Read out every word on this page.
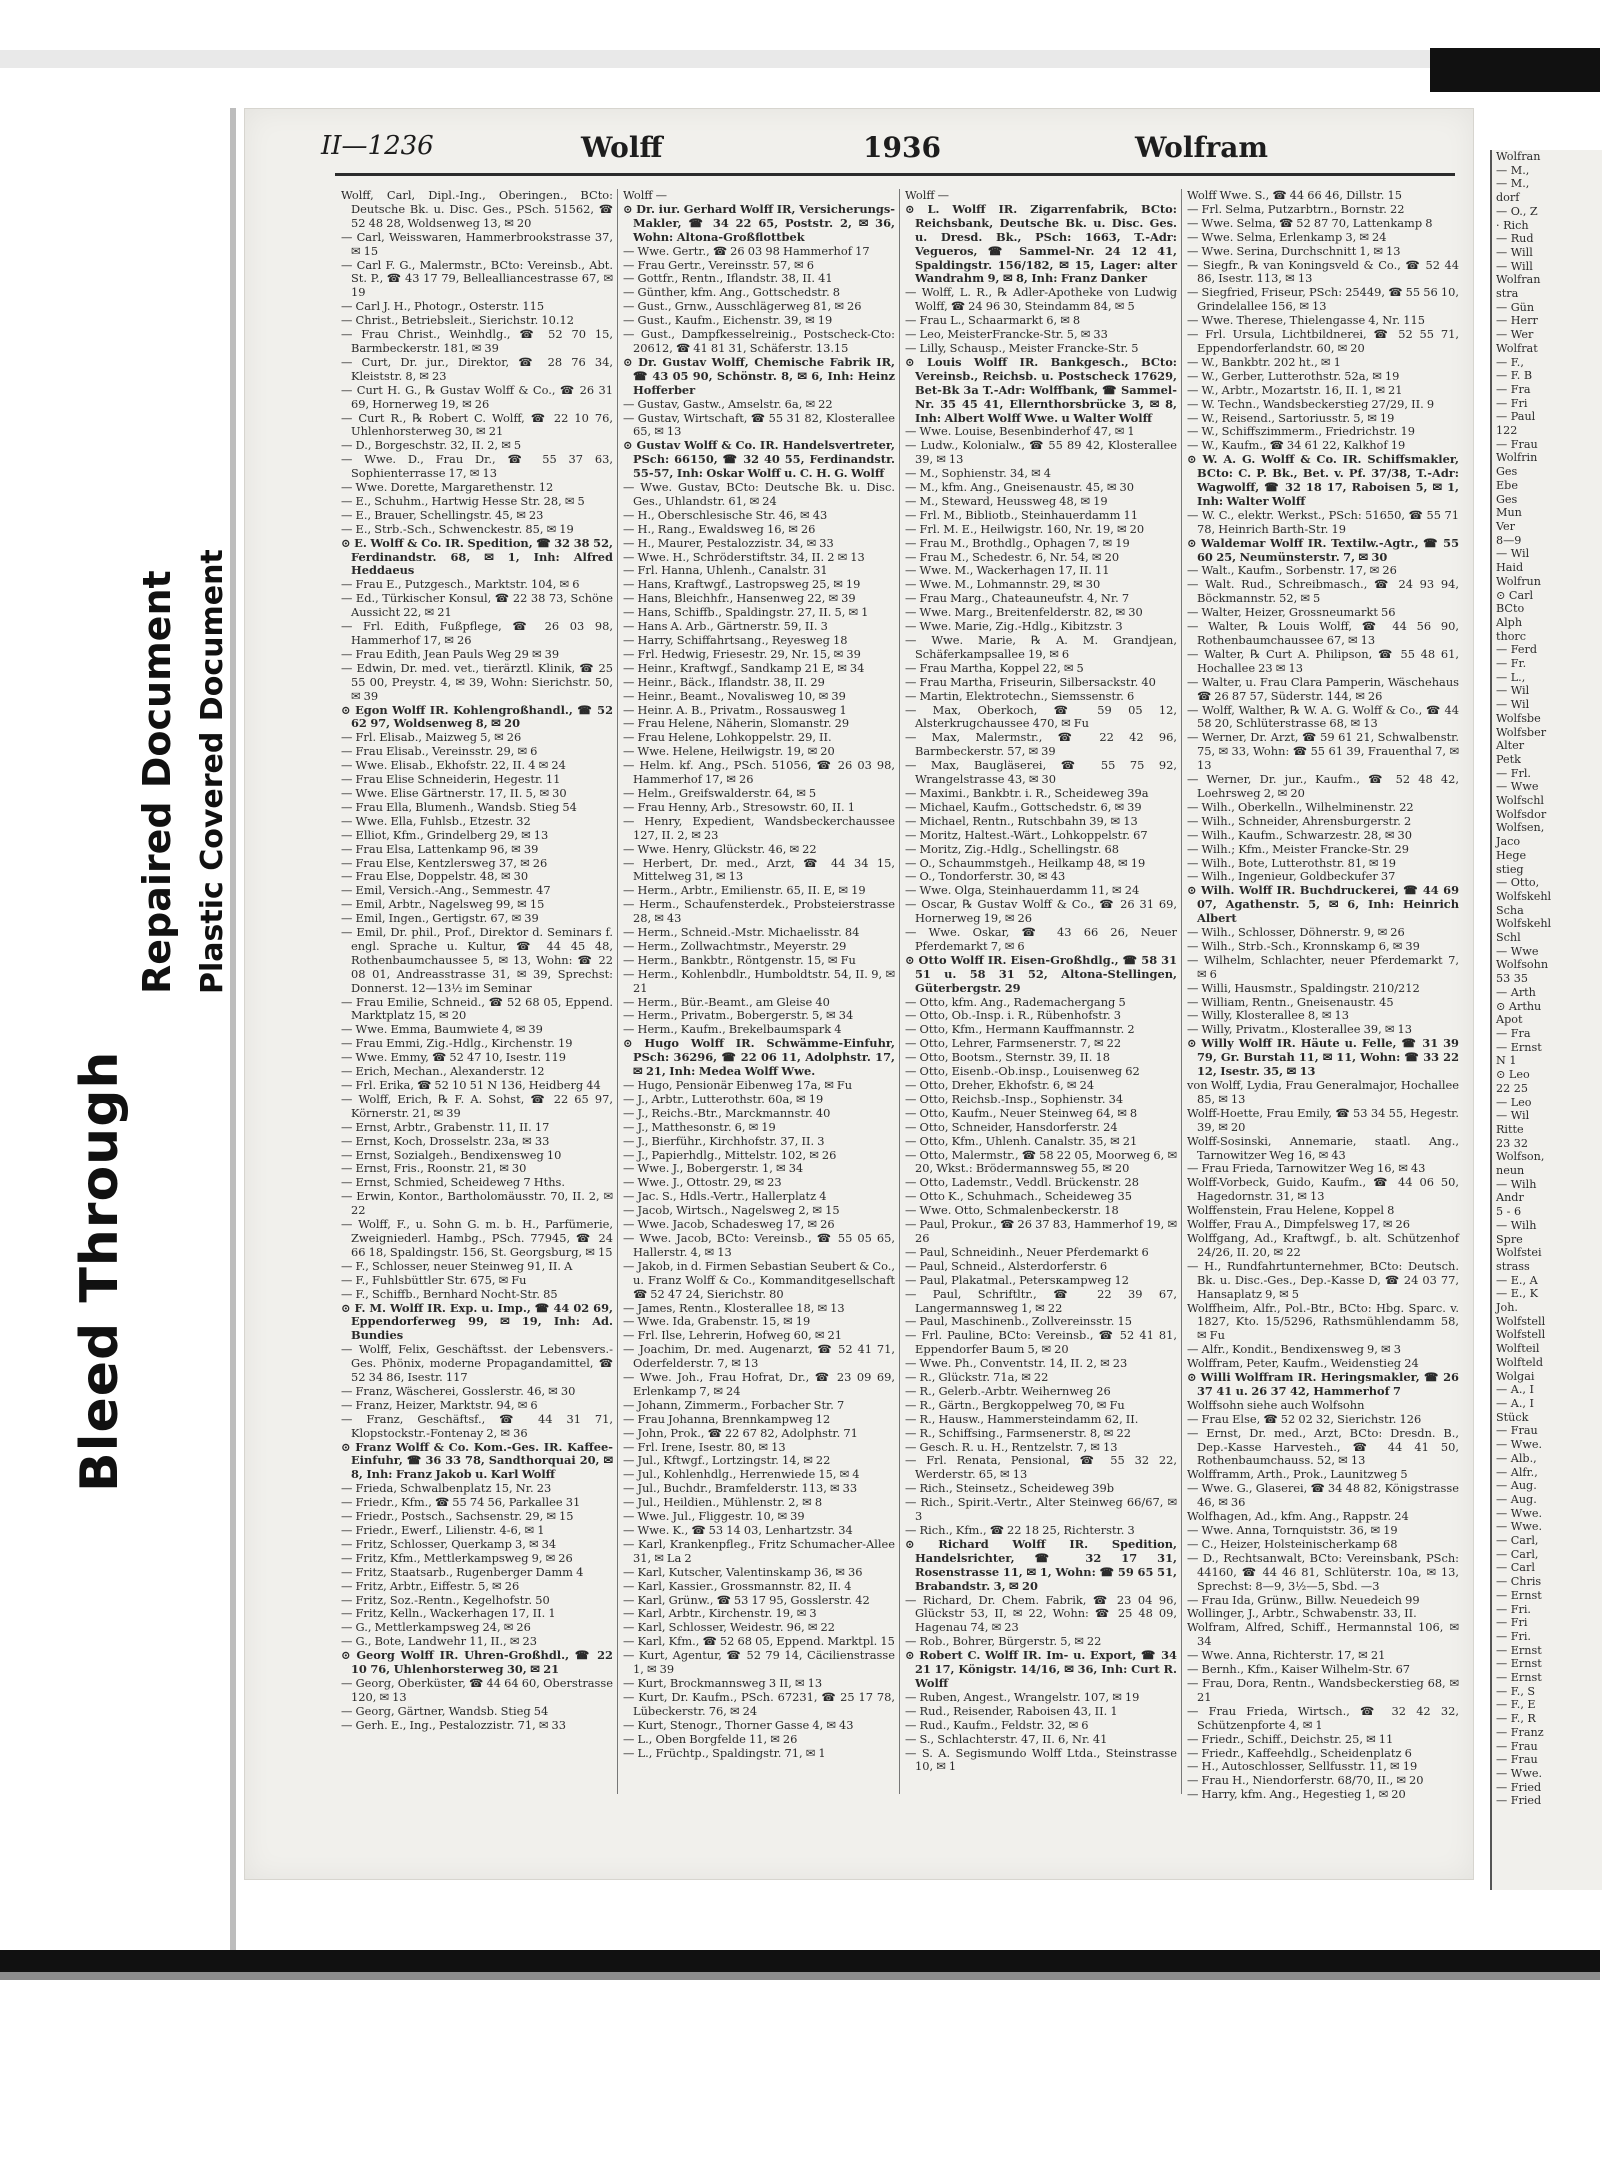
Bleed Through
Repaired Document Plastic Covered Document
II—1236	Wolff	1936	Wolfram

Wolff, Carl, Dipl.-Ing., Oberingen., BCto: Deutsche Bk. u. Disc. Ges., PSch. 51562, ☎ 52 48 28, Woldsenweg 13, ✉ 20

— Carl, Weisswaren, Hammerbrookstrasse 37, ✉ 15

— Carl F. G., Malermstr., BCto: Vereinsb., Abt. St. P., ☎ 43 17 79, Bellealliancestrasse 67, ✉ 19

— Carl J. H., Photogr., Osterstr. 115

— Christ., Betriebsleit., Sierichstr. 10.12

— Frau Christ., Weinhdlg., ☎ 52 70 15, Barmbeckerstr. 181, ✉ 39

— Curt, Dr. jur., Direktor, ☎ 28 76 34, Kleiststr. 8, ✉ 23

— Curt H. G., ℞ Gustav Wolff & Co., ☎ 26 31 69, Hornerweg 19, ✉ 26

— Curt R., ℞ Robert C. Wolff, ☎ 22 10 76, Uhlenhorsterweg 30, ✉ 21

— D., Borgeschstr. 32, II. 2, ✉ 5

— Wwe. D., Frau Dr., ☎ 55 37 63, Sophienterrasse 17, ✉ 13

— Wwe. Dorette, Margarethenstr. 12

— E., Schuhm., Hartwig Hesse Str. 28, ✉ 5

— E., Brauer, Schellingstr. 45, ✉ 23

— E., Strb.-Sch., Schwenckestr. 85, ✉ 19

⊙ E. Wolff & Co. IR. Spedition, ☎ 32 38 52, Ferdinandstr. 68, ✉ 1, Inh: Alfred Heddaeus

— Frau E., Putzgesch., Marktstr. 104, ✉ 6

— Ed., Türkischer Konsul, ☎ 22 38 73, Schöne Aussicht 22, ✉ 21

— Frl. Edith, Fußpflege, ☎ 26 03 98, Hammerhof 17, ✉ 26

— Frau Edith, Jean Pauls Weg 29 ✉ 39

— Edwin, Dr. med. vet., tierärztl. Klinik, ☎ 25 55 00, Preystr. 4, ✉ 39, Wohn: Sierichstr. 50, ✉ 39

⊙ Egon Wolff IR. Kohlengroßhandl., ☎ 52 62 97, Woldsenweg 8, ✉ 20

— Frl. Elisab., Maizweg 5, ✉ 26

— Frau Elisab., Vereinsstr. 29, ✉ 6

— Wwe. Elisab., Ekhofstr. 22, II. 4 ✉ 24

— Frau Elise Schneiderin, Hegestr. 11

— Wwe. Elise Gärtnerstr. 17, II. 5, ✉ 30

— Frau Ella, Blumenh., Wandsb. Stieg 54

— Wwe. Ella, Fuhlsb., Etzestr. 32

— Elliot, Kfm., Grindelberg 29, ✉ 13

— Frau Elsa, Lattenkamp 96, ✉ 39

— Frau Else, Kentzlersweg 37, ✉ 26

— Frau Else, Doppelstr. 48, ✉ 30

— Emil, Versich.-Ang., Semmestr. 47

— Emil, Arbtr., Nagelsweg 99, ✉ 15

— Emil, Ingen., Gertigstr. 67, ✉ 39

— Emil, Dr. phil., Prof., Direktor d. Seminars f. engl. Sprache u. Kultur, ☎ 44 45 48, Rothenbaumchaussee 5, ✉ 13, Wohn: ☎ 22 08 01, Andreasstrasse 31, ✉ 39, Sprechst: Donnerst. 12—13½ im Seminar

— Frau Emilie, Schneid., ☎ 52 68 05, Eppend. Marktplatz 15, ✉ 20

— Wwe. Emma, Baumwiete 4, ✉ 39

— Frau Emmi, Zig.-Hdlg., Kirchenstr. 19

— Wwe. Emmy, ☎ 52 47 10, Isestr. 119

— Erich, Mechan., Alexanderstr. 12

— Frl. Erika, ☎ 52 10 51 N 136, Heidberg 44

— Wolff, Erich, ℞ F. A. Sohst, ☎ 22 65 97, Körnerstr. 21, ✉ 39

— Ernst, Arbtr., Grabenstr. 11, II. 17

— Ernst, Koch, Drosselstr. 23a, ✉ 33

— Ernst, Sozialgeh., Bendixensweg 10

— Ernst, Fris., Roonstr. 21, ✉ 30

— Ernst, Schmied, Scheideweg 7 Hths.

— Erwin, Kontor., Bartholomäusstr. 70, II. 2, ✉ 22

— Wolff, F., u. Sohn G. m. b. H., Parfümerie, Zweigniederl. Hambg., PSch. 77945, ☎ 24 66 18, Spaldingstr. 156, St. Georgsburg, ✉ 15

— F., Schlosser, neuer Steinweg 91, II. A

— F., Fuhlsbüttler Str. 675, ✉ Fu

— F., Schiffb., Bernhard Nocht-Str. 85

⊙ F. M. Wolff IR. Exp. u. Imp., ☎ 44 02 69, Eppendorferweg 99, ✉ 19, Inh: Ad. Bundies

— Wolff, Felix, Geschäftsst. der Lebensvers.-Ges. Phönix, moderne Propagandamittel, ☎ 52 34 86, Isestr. 117

— Franz, Wäscherei, Gosslerstr. 46, ✉ 30

— Franz, Heizer, Marktstr. 94, ✉ 6

— Franz, Geschäftsf., ☎ 44 31 71, Klopstockstr.-Fontenay 2, ✉ 36

⊙ Franz Wolff & Co. Kom.-Ges. IR. Kaffee-Einfuhr, ☎ 36 33 78, Sandthorquai 20, ✉ 8, Inh: Franz Jakob u. Karl Wolff

— Frieda, Schwalbenplatz 15, Nr. 23

— Friedr., Kfm., ☎ 55 74 56, Parkallee 31

— Friedr., Postsch., Sachsenstr. 29, ✉ 15

— Friedr., Ewerf., Lilienstr. 4-6, ✉ 1

— Fritz, Schlosser, Querkamp 3, ✉ 34

— Fritz, Kfm., Mettlerkampsweg 9, ✉ 26

— Fritz, Staatsarb., Rugenberger Damm 4

— Fritz, Arbtr., Eiffestr. 5, ✉ 26

— Fritz, Soz.-Rentn., Kegelhofstr. 50

— Fritz, Kelln., Wackerhagen 17, II. 1

— G., Mettlerkampsweg 24, ✉ 26

— G., Bote, Landwehr 11, II., ✉ 23

⊙ Georg Wolff IR. Uhren-Großhdl., ☎ 22 10 76, Uhlenhorsterweg 30, ✉ 21

— Georg, Oberküster, ☎ 44 64 60, Oberstrasse 120, ✉ 13

— Georg, Gärtner, Wandsb. Stieg 54

— Gerh. E., Ing., Pestalozzistr. 71, ✉ 33

Wolff —

⊙ Dr. iur. Gerhard Wolff IR, Versicherungs-Makler, ☎ 34 22 65, Poststr. 2, ✉ 36, Wohn: Altona-Großflottbek

— Wwe. Gertr., ☎ 26 03 98 Hammerhof 17

— Frau Gertr., Vereinsstr. 57, ✉ 6

— Gottfr., Rentn., Iflandstr. 38, II. 41

— Günther, kfm. Ang., Gottschedstr. 8

— Gust., Grnw., Ausschlägerweg 81, ✉ 26

— Gust., Kaufm., Eichenstr. 39, ✉ 19

— Gust., Dampfkesselreinig., Postscheck-Cto: 20612, ☎ 41 81 31, Schäferstr. 13.15

⊙ Dr. Gustav Wolff, Chemische Fabrik IR, ☎ 43 05 90, Schönstr. 8, ✉ 6, Inh: Heinz Hofferber

— Gustav, Gastw., Amselstr. 6a, ✉ 22

— Gustav, Wirtschaft, ☎ 55 31 82, Klosterallee 65, ✉ 13

⊙ Gustav Wolff & Co. IR. Handelsvertreter, PSch: 66150, ☎ 32 40 55, Ferdinandstr. 55-57, Inh: Oskar Wolff u. C. H. G. Wolff

— Wwe. Gustav, BCto: Deutsche Bk. u. Disc. Ges., Uhlandstr. 61, ✉ 24

— H., Oberschlesische Str. 46, ✉ 43

— H., Rang., Ewaldsweg 16, ✉ 26

— H., Maurer, Pestalozzistr. 34, ✉ 33

— Wwe. H., Schröderstiftstr. 34, II. 2 ✉ 13

— Frl. Hanna, Uhlenh., Canalstr. 31

— Hans, Kraftwgf., Lastropsweg 25, ✉ 19

— Hans, Bleichhfr., Hansenweg 22, ✉ 39

— Hans, Schiffb., Spaldingstr. 27, II. 5, ✉ 1

— Hans A. Arb., Gärtnerstr. 59, II. 3

— Harry, Schiffahrtsang., Reyesweg 18

— Frl. Hedwig, Friesestr. 29, Nr. 15, ✉ 39

— Heinr., Kraftwgf., Sandkamp 21 E, ✉ 34

— Heinr., Bäck., Iflandstr. 38, II. 29

— Heinr., Beamt., Novalisweg 10, ✉ 39

— Heinr. A. B., Privatm., Rossausweg 1

— Frau Helene, Näherin, Slomanstr. 29

— Frau Helene, Lohkoppelstr. 29, II.

— Wwe. Helene, Heilwigstr. 19, ✉ 20

— Helm. kf. Ang., PSch. 51056, ☎ 26 03 98, Hammerhof 17, ✉ 26

— Helm., Greifswalderstr. 64, ✉ 5

— Frau Henny, Arb., Stresowstr. 60, II. 1

— Henry, Expedient, Wandsbeckerchaussee 127, II. 2, ✉ 23

— Wwe. Henry, Glückstr. 46, ✉ 22

— Herbert, Dr. med., Arzt, ☎ 44 34 15, Mittelweg 31, ✉ 13

— Herm., Arbtr., Emilienstr. 65, II. E, ✉ 19

— Herm., Schaufensterdek., Probsteierstrasse 28, ✉ 43

— Herm., Schneid.-Mstr. Michaelisstr. 84

— Herm., Zollwachtmstr., Meyerstr. 29

— Herm., Bankbtr., Röntgenstr. 15, ✉ Fu

— Herm., Kohlenbdlr., Humboldtstr. 54, II. 9, ✉ 21

— Herm., Bür.-Beamt., am Gleise 40

— Herm., Privatm., Bobergerstr. 5, ✉ 34

— Herm., Kaufm., Brekelbaumspark 4

⊙ Hugo Wolff IR. Schwämme-Einfuhr, PSch: 36296, ☎ 22 06 11, Adolphstr. 17, ✉ 21, Inh: Medea Wolff Wwe.

— Hugo, Pensionär Eibenweg 17a, ✉ Fu

— J., Arbtr., Lutterothstr. 60a, ✉ 19

— J., Reichs.-Btr., Marckmannstr. 40

— J., Matthesonstr. 6, ✉ 19

— J., Bierführ., Kirchhofstr. 37, II. 3

— J., Papierhdlg., Mittelstr. 102, ✉ 26

— Wwe. J., Bobergerstr. 1, ✉ 34

— Wwe. J., Ottostr. 29, ✉ 23

— Jac. S., Hdls.-Vertr., Hallerplatz 4

— Jacob, Wirtsch., Nagelsweg 2, ✉ 15

— Wwe. Jacob, Schadesweg 17, ✉ 26

— Wwe. Jacob, BCto: Vereinsb., ☎ 55 05 65, Hallerstr. 4, ✉ 13

— Jakob, in d. Firmen Sebastian Seubert & Co., u. Franz Wolff & Co., Kommanditgesellschaft ☎ 52 47 24, Sierichstr. 80

— James, Rentn., Klosterallee 18, ✉ 13

— Wwe. Ida, Grabenstr. 15, ✉ 19

— Frl. Ilse, Lehrerin, Hofweg 60, ✉ 21

— Joachim, Dr. med. Augenarzt, ☎ 52 41 71, Oderfelderstr. 7, ✉ 13

— Wwe. Joh., Frau Hofrat, Dr., ☎ 23 09 69, Erlenkamp 7, ✉ 24

— Johann, Zimmerm., Forbacher Str. 7

— Frau Johanna, Brennkampweg 12

— John, Prok., ☎ 22 67 82, Adolphstr. 71

— Frl. Irene, Isestr. 80, ✉ 13

— Jul., Kftwgf., Lortzingstr. 14, ✉ 22

— Jul., Kohlenhdlg., Herrenwiede 15, ✉ 4

— Jul., Buchdr., Bramfelderstr. 113, ✉ 33

— Jul., Heildien., Mühlenstr. 2, ✉ 8

— Wwe. Jul., Fliggestr. 10, ✉ 39

— Wwe. K., ☎ 53 14 03, Lenhartzstr. 34

— Karl, Krankenpfleg., Fritz Schumacher-Allee 31, ✉ La 2

— Karl, Kutscher, Valentinskamp 36, ✉ 36

— Karl, Kassier., Grossmannstr. 82, II. 4

— Karl, Grünw., ☎ 53 17 95, Gosslerstr. 42

— Karl, Arbtr., Kirchenstr. 19, ✉ 3

— Karl, Schlosser, Weidestr. 96, ✉ 22

— Karl, Kfm., ☎ 52 68 05, Eppend. Marktpl. 15

— Kurt, Agentur, ☎ 52 79 14, Cäcilienstrasse 1, ✉ 39

— Kurt, Brockmannsweg 3 II, ✉ 13

— Kurt, Dr. Kaufm., PSch. 67231, ☎ 25 17 78, Lübeckerstr. 76, ✉ 24

— Kurt, Stenogr., Thorner Gasse 4, ✉ 43

— L., Oben Borgfelde 11, ✉ 26

— L., Früchtp., Spaldingstr. 71, ✉ 1

Wolff —

⊙ L. Wolff IR. Zigarrenfabrik, BCto: Reichsbank, Deutsche Bk. u. Disc. Ges. u. Dresd. Bk., PSch: 1663, T.-Adr: Vegueros, ☎ Sammel-Nr. 24 12 41, Spaldingstr. 156/182, ✉ 15, Lager: alter Wandrahm 9, ✉ 8, Inh: Franz Danker

— Wolff, L. R., ℞ Adler-Apotheke von Ludwig Wolff, ☎ 24 96 30, Steindamm 84, ✉ 5

— Frau L., Schaarmarkt 6, ✉ 8

— Leo, MeisterFrancke-Str. 5, ✉ 33

— Lilly, Schausp., Meister Francke-Str. 5

⊙ Louis Wolff IR. Bankgesch., BCto: Vereinsb., Reichsb. u. Postscheck 17629, Bet-Bk 3a T.-Adr: Wolffbank, ☎ Sammel-Nr. 35 45 41, Ellernthorsbrücke 3, ✉ 8, Inh: Albert Wolff Wwe. u Walter Wolff

— Wwe. Louise, Besenbinderhof 47, ✉ 1

— Ludw., Kolonialw., ☎ 55 89 42, Klosterallee 39, ✉ 13

— M., Sophienstr. 34, ✉ 4

— M., kfm. Ang., Gneisenaustr. 45, ✉ 30

— M., Steward, Heussweg 48, ✉ 19

— Frl. M., Bibliotb., Steinhauerdamm 11

— Frl. M. E., Heilwigstr. 160, Nr. 19, ✉ 20

— Frau M., Brothdlg., Ophagen 7, ✉ 19

— Frau M., Schedestr. 6, Nr. 54, ✉ 20

— Wwe. M., Wackerhagen 17, II. 11

— Wwe. M., Lohmannstr. 29, ✉ 30

— Frau Marg., Chateauneufstr. 4, Nr. 7

— Wwe. Marg., Breitenfelderstr. 82, ✉ 30

— Wwe. Marie, Zig.-Hdlg., Kibitzstr. 3

— Wwe. Marie, ℞ A. M. Grandjean, Schäferkampsallee 19, ✉ 6

— Frau Martha, Koppel 22, ✉ 5

— Frau Martha, Friseurin, Silbersackstr. 40

— Martin, Elektrotechn., Siemssenstr. 6

— Max, Oberkoch, ☎ 59 05 12, Alsterkrugchaussee 470, ✉ Fu

— Max, Malermstr., ☎ 22 42 96, Barmbeckerstr. 57, ✉ 39

— Max, Baugläserei, ☎ 55 75 92, Wrangelstrasse 43, ✉ 30

— Maximi., Bankbtr. i. R., Scheideweg 39a

— Michael, Kaufm., Gottschedstr. 6, ✉ 39

— Michael, Rentn., Rutschbahn 39, ✉ 13

— Moritz, Haltest.-Wärt., Lohkoppelstr. 67

— Moritz, Zig.-Hdlg., Schellingstr. 68

— O., Schaummstgeh., Heilkamp 48, ✉ 19

— O., Tondorferstr. 30, ✉ 43

— Wwe. Olga, Steinhauerdamm 11, ✉ 24

— Oscar, ℞ Gustav Wolff & Co., ☎ 26 31 69, Hornerweg 19, ✉ 26

— Wwe. Oskar, ☎ 43 66 26, Neuer Pferdemarkt 7, ✉ 6

⊙ Otto Wolff IR. Eisen-Großhdlg., ☎ 58 31 51 u. 58 31 52, Altona-Stellingen, Güterbergstr. 29

— Otto, kfm. Ang., Rademachergang 5

— Otto, Ob.-Insp. i. R., Rübenhofstr. 3

— Otto, Kfm., Hermann Kauffmannstr. 2

— Otto, Lehrer, Farmsenerstr. 7, ✉ 22

— Otto, Bootsm., Sternstr. 39, II. 18

— Otto, Eisenb.-Ob.insp., Louisenweg 62

— Otto, Dreher, Ekhofstr. 6, ✉ 24

— Otto, Reichsb.-Insp., Sophienstr. 34

— Otto, Kaufm., Neuer Steinweg 64, ✉ 8

— Otto, Schneider, Hansdorferstr. 24

— Otto, Kfm., Uhlenh. Canalstr. 35, ✉ 21

— Otto, Malermstr., ☎ 58 22 05, Moorweg 6, ✉ 20, Wkst.: Brödermannsweg 55, ✉ 20

— Otto, Lademstr., Veddl. Brückenstr. 28

— Otto K., Schuhmach., Scheideweg 35

— Wwe. Otto, Schmalenbeckerstr. 18

— Paul, Prokur., ☎ 26 37 83, Hammerhof 19, ✉ 26

— Paul, Schneidinh., Neuer Pferdemarkt 6

— Paul, Schneid., Alsterdorferstr. 6

— Paul, Plakatmal., Petersкampweg 12

— Paul, Schriftltr., ☎ 22 39 67, Langermannsweg 1, ✉ 22

— Paul, Maschinenb., Zollvereinsstr. 15

— Frl. Pauline, BCto: Vereinsb., ☎ 52 41 81, Eppendorfer Baum 5, ✉ 20

— Wwe. Ph., Conventstr. 14, II. 2, ✉ 23

— R., Glückstr. 71a, ✉ 22

— R., Gelerb.-Arbtr. Weihernweg 26

— R., Gärtn., Bergkoppelweg 70, ✉ Fu

— R., Hausw., Hammersteindamm 62, II.

— R., Schiffsing., Farmsenerstr. 8, ✉ 22

— Gesch. R. u. H., Rentzelstr. 7, ✉ 13

— Frl. Renata, Pensional, ☎ 55 32 22, Werderstr. 65, ✉ 13

— Rich., Steinsetz., Scheideweg 39b

— Rich., Spirit.-Vertr., Alter Steinweg 66/67, ✉ 3

— Rich., Kfm., ☎ 22 18 25, Richterstr. 3

⊙ Richard Wolff IR. Spedition, Handelsrichter, ☎ 32 17 31, Rosenstrasse 11, ✉ 1, Wohn: ☎ 59 65 51, Brabandstr. 3, ✉ 20

— Richard, Dr. Chem. Fabrik, ☎ 23 04 96, Glückstr 53, II, ✉ 22, Wohn: ☎ 25 48 09, Hagenau 74, ✉ 23

— Rob., Bohrer, Bürgerstr. 5, ✉ 22

⊙ Robert C. Wolff IR. Im- u. Export, ☎ 34 21 17, Königstr. 14/16, ✉ 36, Inh: Curt R. Wolff

— Ruben, Angest., Wrangelstr. 107, ✉ 19

— Rud., Reisender, Raboisen 43, II. 1

— Rud., Kaufm., Feldstr. 32, ✉ 6

— S., Schlachterstr. 47, II. 6, Nr. 41

— S. A. Segismundo Wolff Ltda., Steinstrasse 10, ✉ 1

Wolff Wwe. S., ☎ 44 66 46, Dillstr. 15

— Frl. Selma, Putzarbtrn., Bornstr. 22

— Wwe. Selma, ☎ 52 87 70, Lattenkamp 8

— Wwe. Selma, Erlenkamp 3, ✉ 24

— Wwe. Serina, Durchschnitt 1, ✉ 13

— Siegfr., ℞ van Koningsveld & Co., ☎ 52 44 86, Isestr. 113, ✉ 13

— Siegfried, Friseur, PSch: 25449, ☎ 55 56 10, Grindelallee 156, ✉ 13

— Wwe. Therese, Thielengasse 4, Nr. 115

— Frl. Ursula, Lichtbildnerei, ☎ 52 55 71, Eppendorferlandstr. 60, ✉ 20

— W., Bankbtr. 202 ht., ✉ 1

— W., Gerber, Lutterothstr. 52a, ✉ 19

— W., Arbtr., Mozartstr. 16, II. 1, ✉ 21

— W. Techn., Wandsbeckerstieg 27/29, II. 9

— W., Reisend., Sartoriusstr. 5, ✉ 19

— W., Schiffszimmerm., Friedrichstr. 19

— W., Kaufm., ☎ 34 61 22, Kalkhof 19

⊙ W. A. G. Wolff & Co. IR. Schiffsmakler, BCto: C. P. Bk., Bet. v. Pf. 37/38, T.-Adr: Wagwolff, ☎ 32 18 17, Raboisen 5, ✉ 1, Inh: Walter Wolff

— W. C., elektr. Werkst., PSch: 51650, ☎ 55 71 78, Heinrich Barth-Str. 19

⊙ Waldemar Wolff IR. Textilw.-Agtr., ☎ 55 60 25, Neumünsterstr. 7, ✉ 30

— Walt., Kaufm., Sorbenstr. 17, ✉ 26

— Walt. Rud., Schreibmasch., ☎ 24 93 94, Böckmannstr. 52, ✉ 5

— Walter, Heizer, Grossneumarkt 56

— Walter, ℞ Louis Wolff, ☎ 44 56 90, Rothenbaumchaussee 67, ✉ 13

— Walter, ℞ Curt A. Philipson, ☎ 55 48 61, Hochallee 23 ✉ 13

— Walter, u. Frau Clara Pamperin, Wäschehaus ☎ 26 87 57, Süderstr. 144, ✉ 26

— Wolff, Walther, ℞ W. A. G. Wolff & Co., ☎ 44 58 20, Schlüterstrasse 68, ✉ 13

— Werner, Dr. Arzt, ☎ 59 61 21, Schwalbenstr. 75, ✉ 33, Wohn: ☎ 55 61 39, Frauenthal 7, ✉ 13

— Werner, Dr. jur., Kaufm., ☎ 52 48 42, Loehrsweg 2, ✉ 20

— Wilh., Oberkelln., Wilhelminenstr. 22

— Wilh., Schneider, Ahrensburgerstr. 2

— Wilh., Kaufm., Schwarzestr. 28, ✉ 30

— Wilh.; Kfm., Meister Francke-Str. 29

— Wilh., Bote, Lutterothstr. 81, ✉ 19

— Wilh., Ingenieur, Goldbeckufer 37

⊙ Wilh. Wolff IR. Buchdruckerei, ☎ 44 69 07, Agathenstr. 5, ✉ 6, Inh: Heinrich Albert

— Wilh., Schlosser, Döhnerstr. 9, ✉ 26

— Wilh., Strb.-Sch., Kronnskamp 6, ✉ 39

— Wilhelm, Schlachter, neuer Pferdemarkt 7, ✉ 6

— Willi, Hausmstr., Spaldingstr. 210/212

— William, Rentn., Gneisenaustr. 45

— Willy, Klosterallee 8, ✉ 13

— Willy, Privatm., Klosterallee 39, ✉ 13

⊙ Willy Wolff IR. Häute u. Felle, ☎ 31 39 79, Gr. Burstah 11, ✉ 11, Wohn: ☎ 33 22 12, Isestr. 35, ✉ 13

von Wolff, Lydia, Frau Generalmajor, Hochallee 85, ✉ 13

Wolff-Hoette, Frau Emily, ☎ 53 34 55, Hegestr. 39, ✉ 20

Wolff-Sosinski, Annemarie, staatl. Ang., Tarnowitzer Weg 16, ✉ 43

— Frau Frieda, Tarnowitzer Weg 16, ✉ 43

Wolff-Vorbeck, Guido, Kaufm., ☎ 44 06 50, Hagedornstr. 31, ✉ 13

Wolffenstein, Frau Helene, Koppel 8

Wolffer, Frau A., Dimpfelsweg 17, ✉ 26

Wolffgang, Ad., Kraftwgf., b. alt. Schützenhof 24/26, II. 20, ✉ 22

— H., Rundfahrtunternehmer, BCto: Deutsch. Bk. u. Disc.-Ges., Dep.-Kasse D, ☎ 24 03 77, Hansaplatz 9, ✉ 5

Wolffheim, Alfr., Pol.-Btr., BCto: Hbg. Sparc. v. 1827, Kto. 15/5296, Rathsmühlendamm 58, ✉ Fu

— Alfr., Kondit., Bendixensweg 9, ✉ 3

Wolffram, Peter, Kaufm., Weidenstieg 24

⊙ Willi Wolffram IR. Heringsmakler, ☎ 26 37 41 u. 26 37 42, Hammerhof 7

Wolffsohn siehe auch Wolfsohn

— Frau Else, ☎ 52 02 32, Sierichstr. 126

— Ernst, Dr. med., Arzt, BCto: Dresdn. B., Dep.-Kasse Harvesteh., ☎ 44 41 50, Rothenbaumchauss. 52, ✉ 13

Wolfframm, Arth., Prok., Launitzweg 5

— Wwe. G., Glaserei, ☎ 34 48 82, Königstrasse 46, ✉ 36

Wolfhagen, Ad., kfm. Ang., Rappstr. 24

— Wwe. Anna, Tornquiststr. 36, ✉ 19

— C., Heizer, Holsteinischerkamp 68

— D., Rechtsanwalt, BCto: Vereinsbank, PSch: 44160, ☎ 44 46 81, Schlüterstr. 10a, ✉ 13, Sprechst: 8—9, 3½—5, Sbd. —3

— Frau Ida, Grünw., Billw. Neuedeich 99

Wollinger, J., Arbtr., Schwabenstr. 33, II.

Wolfram, Alfred, Schiff., Hermannstal 106, ✉ 34

— Wwe. Anna, Richterstr. 17, ✉ 21

— Bernh., Kfm., Kaiser Wilhelm-Str. 67

— Frau, Dora, Rentn., Wandsbeckerstieg 68, ✉ 21

— Frau Frieda, Wirtsch., ☎ 32 42 32, Schützenpforte 4, ✉ 1

— Friedr., Schiff., Deichstr. 25, ✉ 11

— Friedr., Kaffeehdlg., Scheidenplatz 6

— H., Autoschlosser, Sellfusstr. 11, ✉ 19

— Frau H., Niendorferstr. 68/70, II., ✉ 20

— Harry, kfm. Ang., Hegestieg 1, ✉ 20

Wolfran

— M.,

— M.,

dorf

— O., Z

· Rich

— Rud

— Will

— Will

Wolfran

stra

— Gün

— Herr

— Wer

Wolfrat

— F.,

— F. B

— Fra

— Fri

— Paul

122

— Frau

Wolfrin

Ges

Ebe

Ges

Mun

Ver

8—9

— Wil

Haid

Wolfrun

⊙ Carl

BCto

Alph

thorc

— Ferd

— Fr.

— L.,

— Wil

— Wil

Wolfsbe

Wolfsber

Alter

Petk

— Frl.

— Wwe

Wolfschl

Wolfsdor

Wolfsen,

Jaco

Hege

stieg

— Otto,

Wolfskehl

Scha

Wolfskehl

Schl

— Wwe

Wolfsohn

53 35

— Arth

⊙ Arthu

Apot

— Fra

— Ernst

N 1

⊙ Leo

22 25

— Leo

— Wil

Ritte

23 32

Wolfson,

neun

— Wilh

Andr

5 - 6

— Wilh

Spre

Wolfstei

strass

— E., A

— E., K

Joh.

Wolfstell

Wolfstell

Wolfteil

Wolfteld

Wolgai

— A., I

— A., I

Stück

— Frau

— Wwe.

— Alb.,

— Alfr.,

— Aug.

— Aug.

— Wwe.

— Wwe.

— Carl,

— Carl,

— Carl

— Chris

— Ernst

— Fri.

— Fri

— Fri.

— Ernst

— Ernst

— Ernst

— F., S

— F., E

— F., R

— Franz

— Frau

— Frau

— Wwe.

— Fried

— Fried
